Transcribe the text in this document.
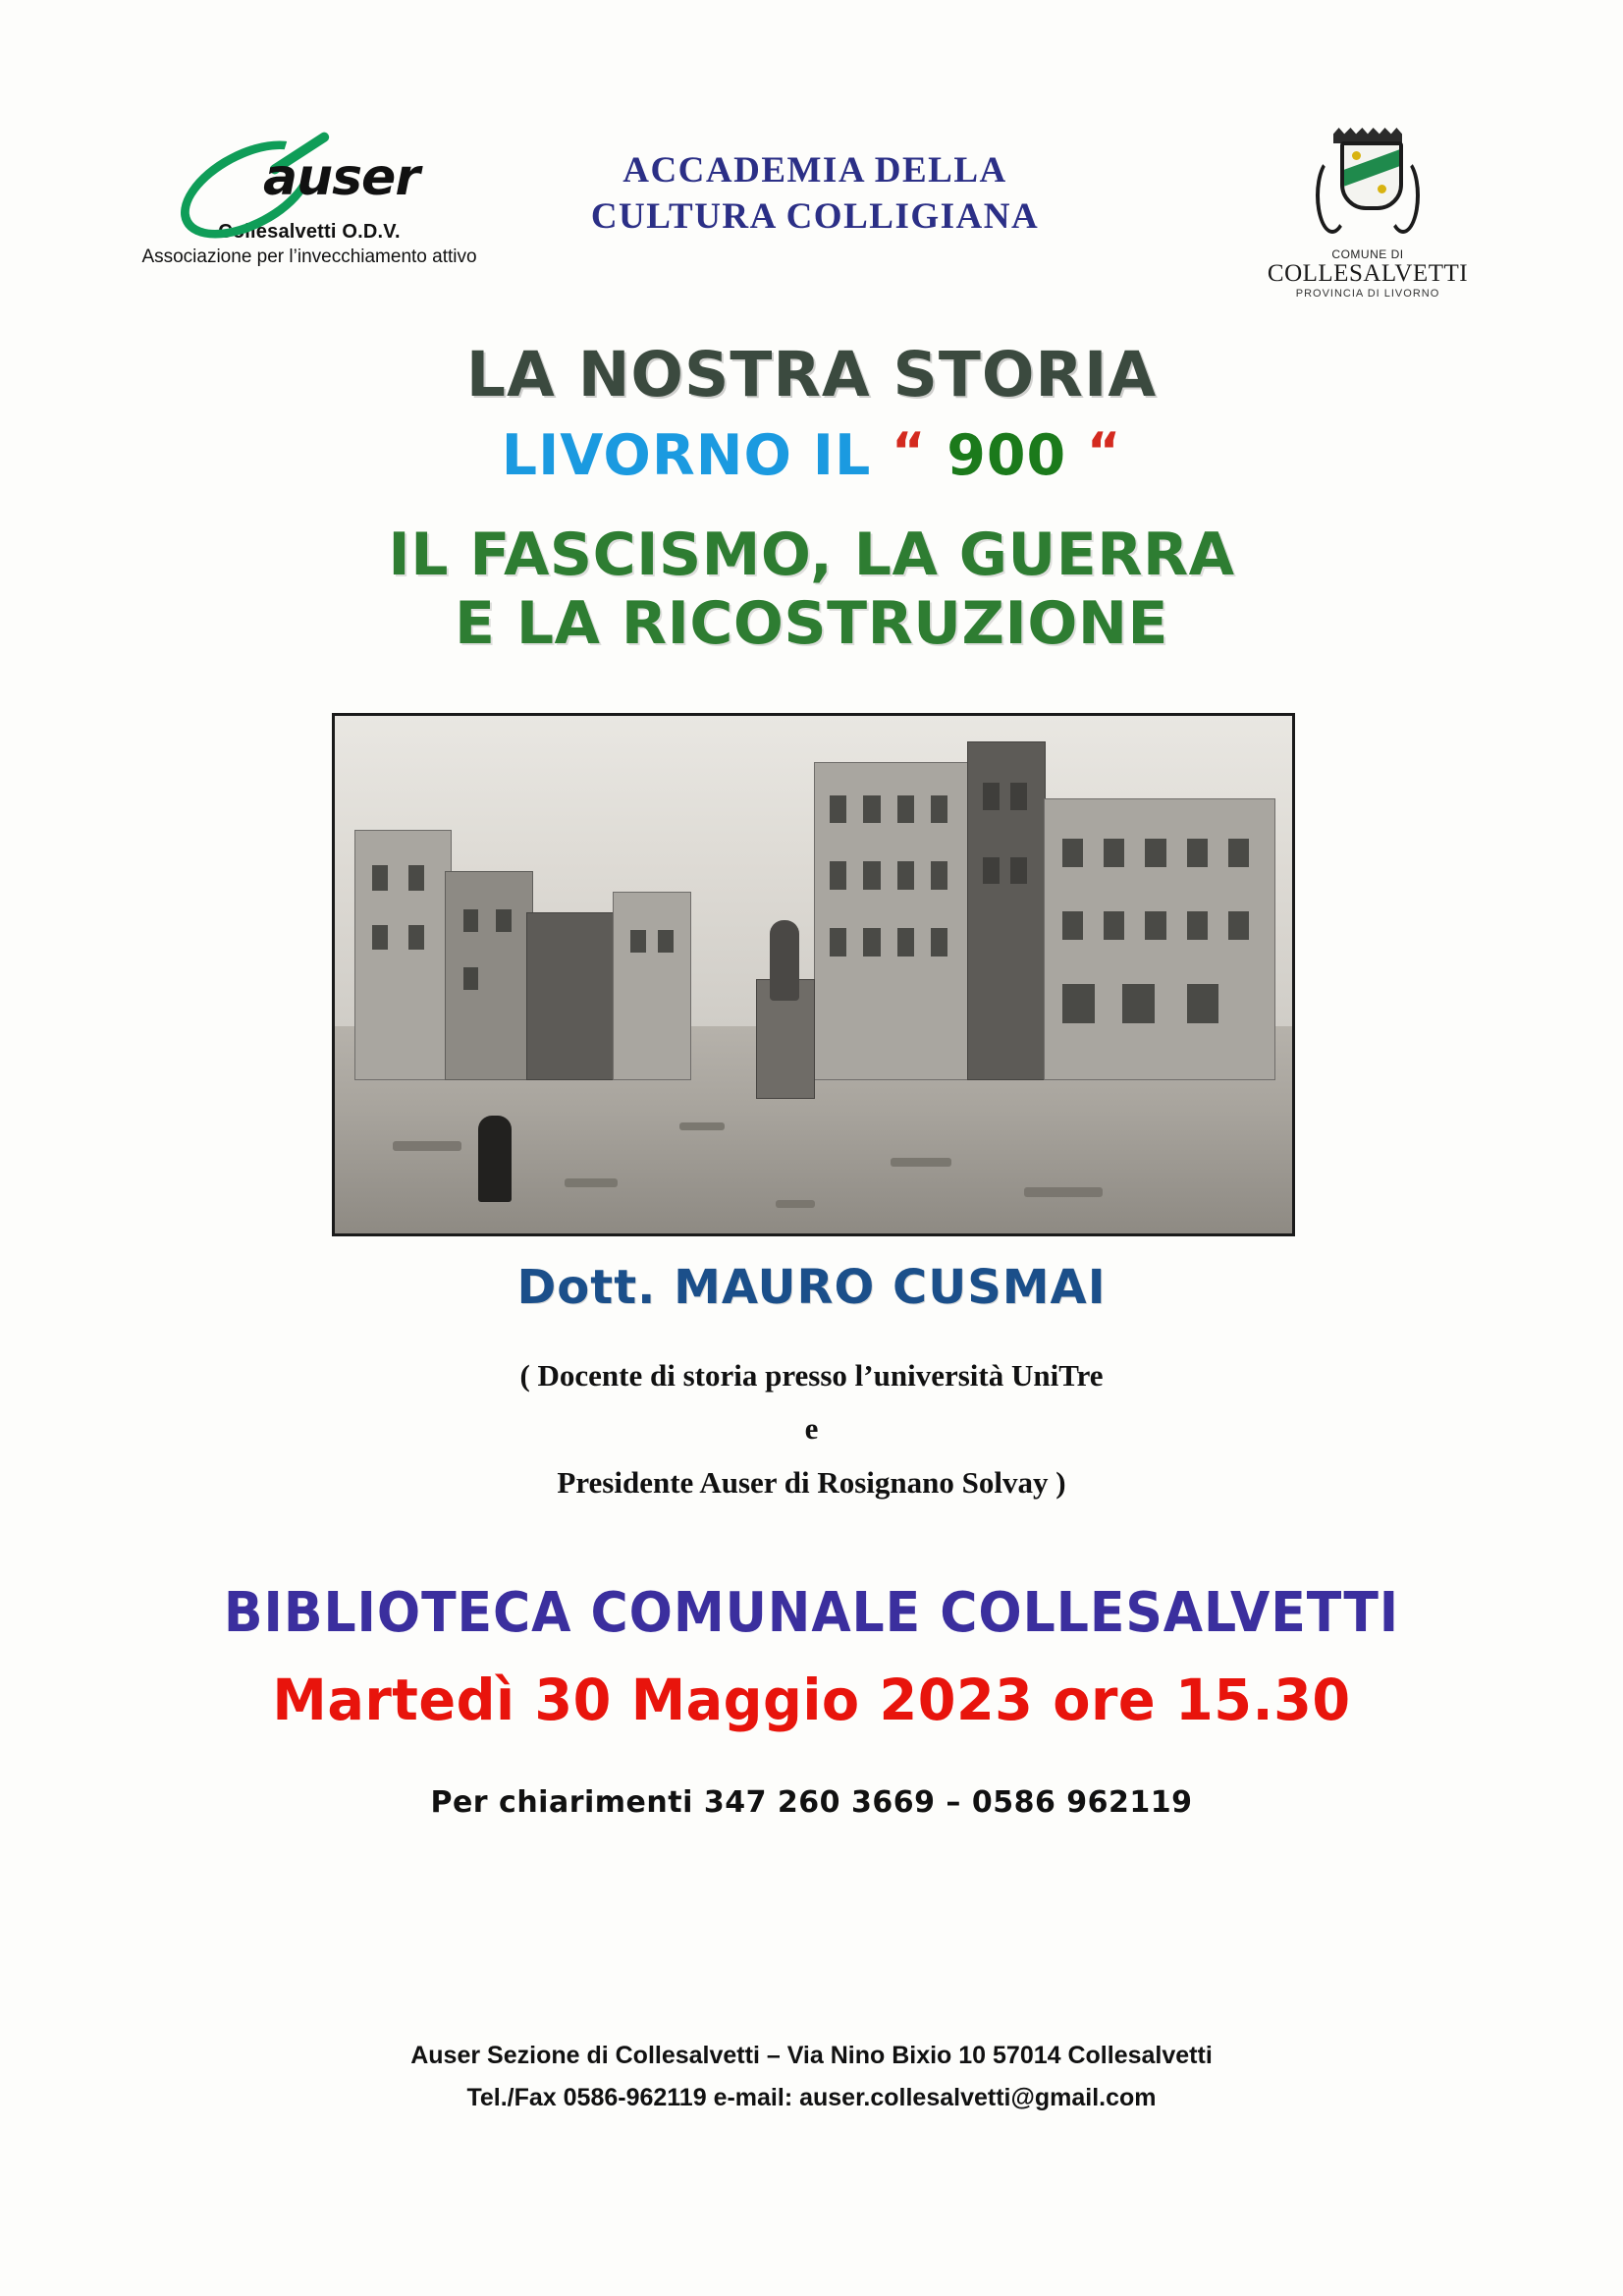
auser
Collesalvetti O.D.V.
Associazione per l’invecchiamento attivo
ACCADEMIA DELLA
CULTURA COLLIGIANA
COMUNE DI
COLLESALVETTI
PROVINCIA DI LIVORNO
LA NOSTRA STORIA
LIVORNO IL “ 900 “
IL FASCISMO, LA GUERRA
E LA RICOSTRUZIONE
Dott. MAURO CUSMAI
( Docente di storia presso l’università UniTre
e
Presidente Auser di Rosignano Solvay )
BIBLIOTECA COMUNALE COLLESALVETTI
Martedì 30 Maggio 2023 ore 15.30
Per chiarimenti 347 260 3669 – 0586 962119
Auser Sezione di Collesalvetti – Via Nino Bixio 10 57014 Collesalvetti
Tel./Fax 0586-962119 e-mail: auser.collesalvetti@gmail.com
